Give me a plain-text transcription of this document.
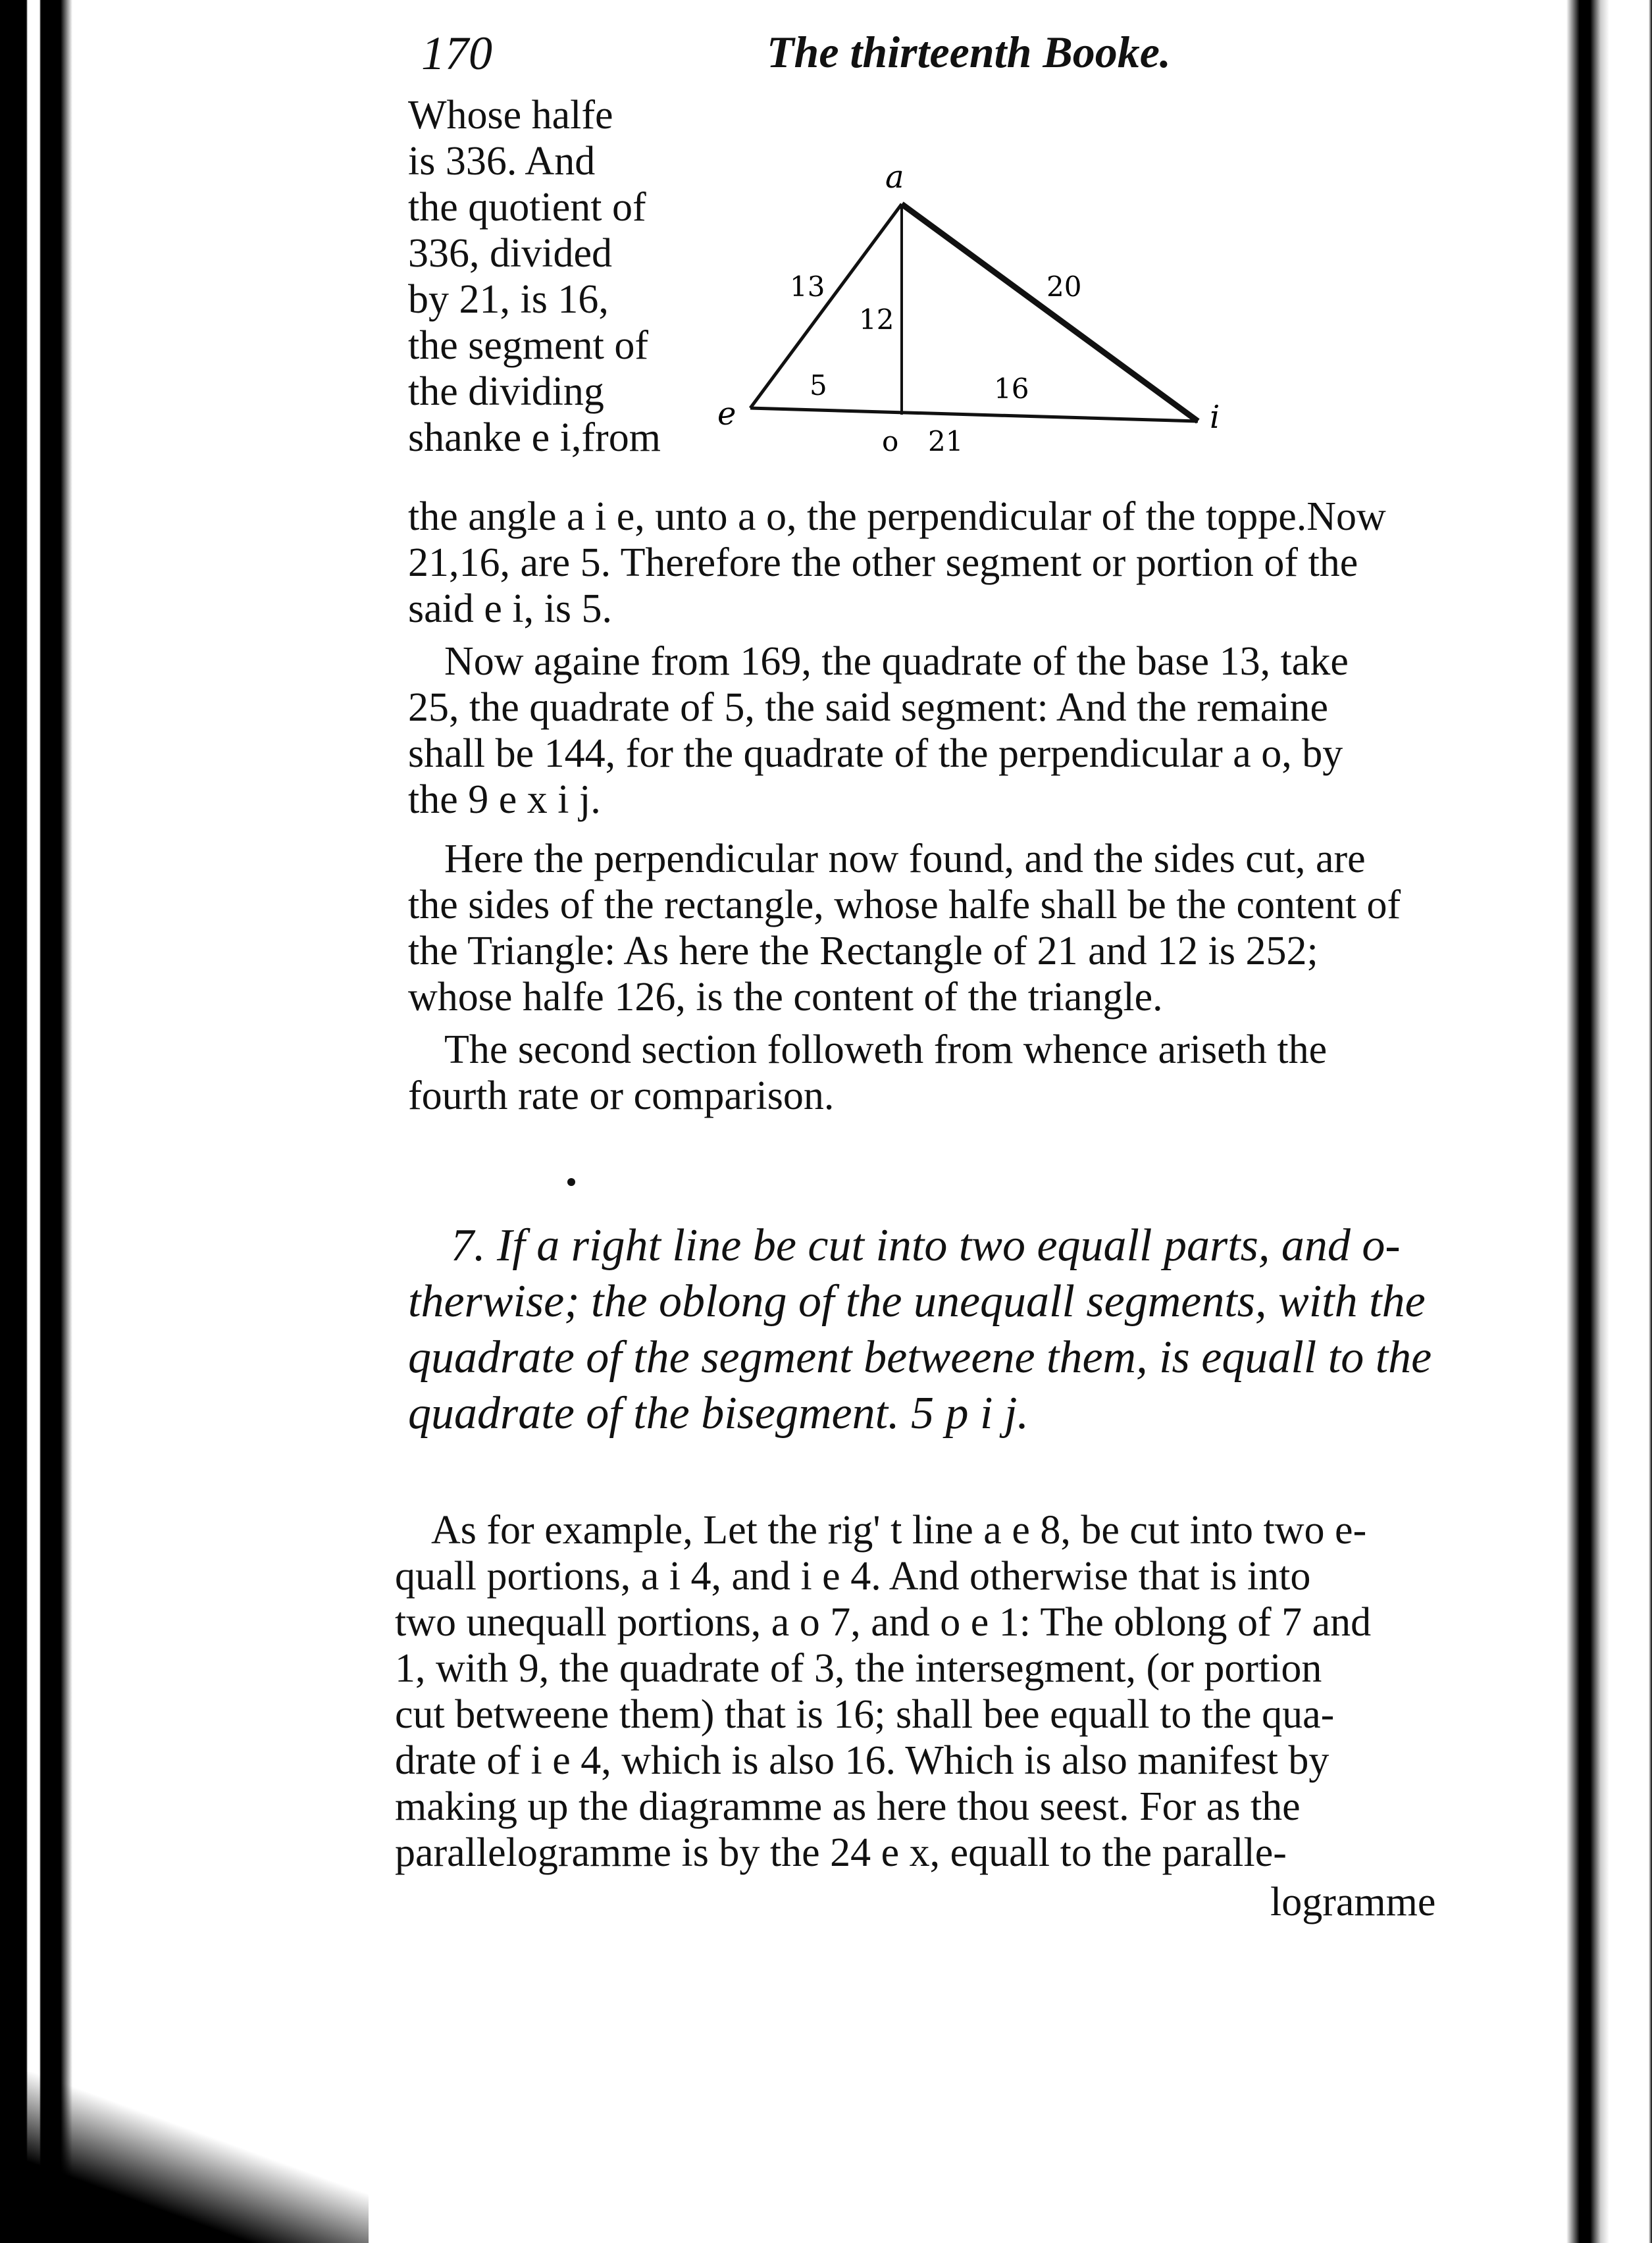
170	The thirteenth Booke.
Whose halfe
is 336. And
the quotient of
336, divided
by 21, is 16,
the segment of
the dividing
shanke e i,from
a
e	i
o
13	20
12
5	16
21
the angle a i e, unto a o, the perpendicular of the toppe.Now
21,16, are 5. Therefore the other segment or portion of the
said e i, is 5.
Now againe from 169, the quadrate of the base 13, take
25, the quadrate of 5, the said segment: And the remaine
shall be 144, for the quadrate of the perpendicular a o, by
the 9 e x i j.
Here the perpendicular now found, and the sides cut, are
the sides of the rectangle, whose halfe shall be the content of
the Triangle: As here the Rectangle of 21 and 12 is 252;
whose halfe 126, is the content of the triangle.
The second section followeth from whence ariseth the
fourth rate or comparison.
7. If a right line be cut into two equall parts, and o-
therwise; the oblong of the unequall segments, with the
quadrate of the segment betweene them, is equall to the
quadrate of the bisegment. 5 p i j.
As for example, Let the rig' t line a e 8, be cut into two e-
quall portions, a i 4, and i e 4. And otherwise that is into
two unequall portions, a o 7, and o e 1: The oblong of 7 and
1, with 9, the quadrate of 3, the intersegment, (or portion
cut betweene them) that is 16; shall bee equall to the qua-
drate of i e 4, which is also 16. Which is also manifest by
making up the diagramme as here thou seest. For as the
parallelogramme is by the 24 e x, equall to the paralle-
logramme
